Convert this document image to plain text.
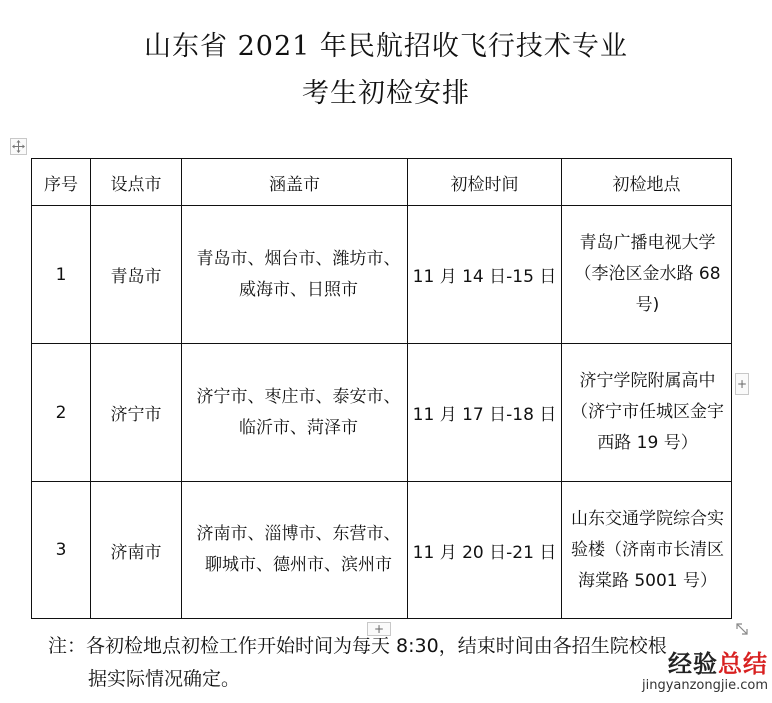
山东省 2021 年民航招收飞行技术专业
考生初检安排
序号	设点市	涵盖市	初检时间	初检地点
1	青岛市	青岛市、烟台市、潍坊市、
威海市、日照市	11 月 14 日-15 日	青岛广播电视大学（李沧区金水路 68 号)
2	济宁市	济宁市、枣庄市、泰安市、
临沂市、菏泽市	11 月 17 日-18 日	济宁学院附属高中（济宁市任城区金宇西路 19 号）
3	济南市	济南市、淄博市、东营市、
聊城市、德州市、滨州市	11 月 20 日-21 日	山东交通学院综合实验楼（济南市长清区海棠路 5001 号）
+
+
注：各初检地点初检工作开始时间为每天 8:30，结束时间由各招生院校根
据实际情况确定。
经验总结
jingyanzongjie.com
